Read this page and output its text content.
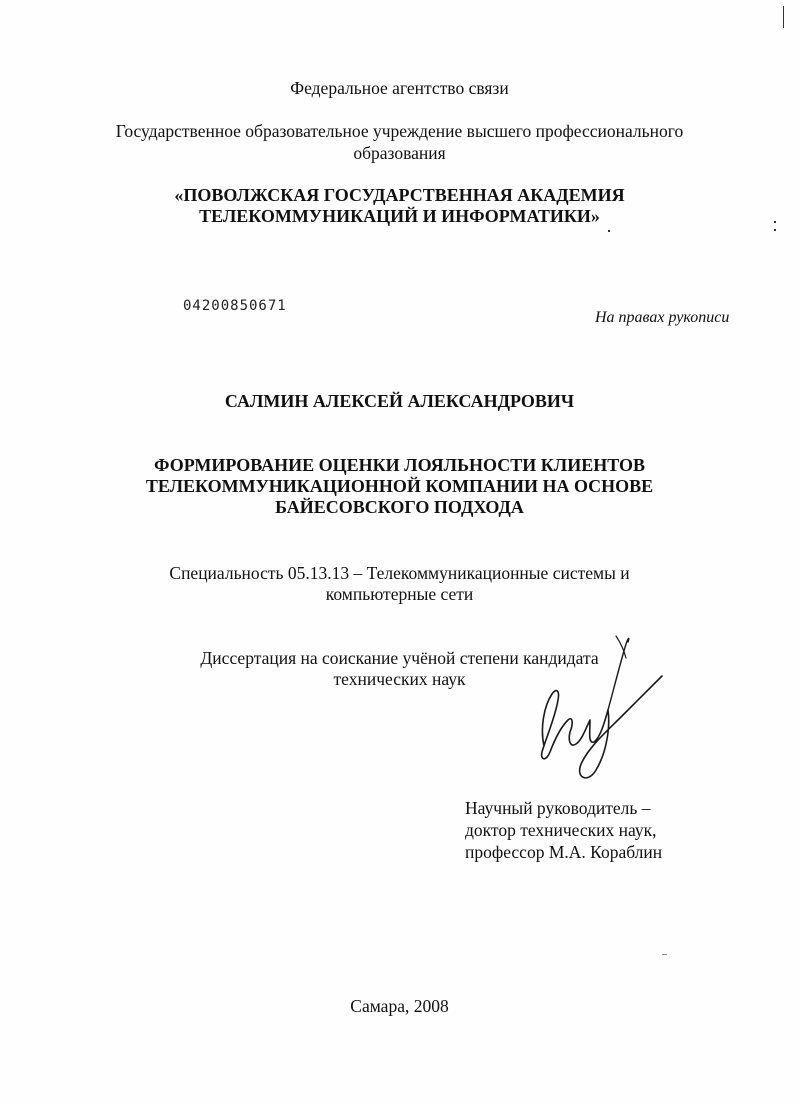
Федеральное агентство связи
Государственное образовательное учреждение высшего профессионального
образования
«ПОВОЛЖСКАЯ ГОСУДАРСТВЕННАЯ АКАДЕМИЯ
ТЕЛЕКОММУНИКАЦИЙ И ИНФОРМАТИКИ»
04200850671
На правах рукописи
САЛМИН АЛЕКСЕЙ АЛЕКСАНДРОВИЧ
ФОРМИРОВАНИЕ ОЦЕНКИ ЛОЯЛЬНОСТИ КЛИЕНТОВ
ТЕЛЕКОММУНИКАЦИОННОЙ КОМПАНИИ НА ОСНОВЕ
БАЙЕСОВСКОГО ПОДХОДА
Специальность 05.13.13 – Телекоммуникационные системы и
компьютерные сети
Диссертация на соискание учёной степени кандидата
технических наук
Научный руководитель –
доктор технических наук,
профессор М.А. Кораблин
Самара, 2008
